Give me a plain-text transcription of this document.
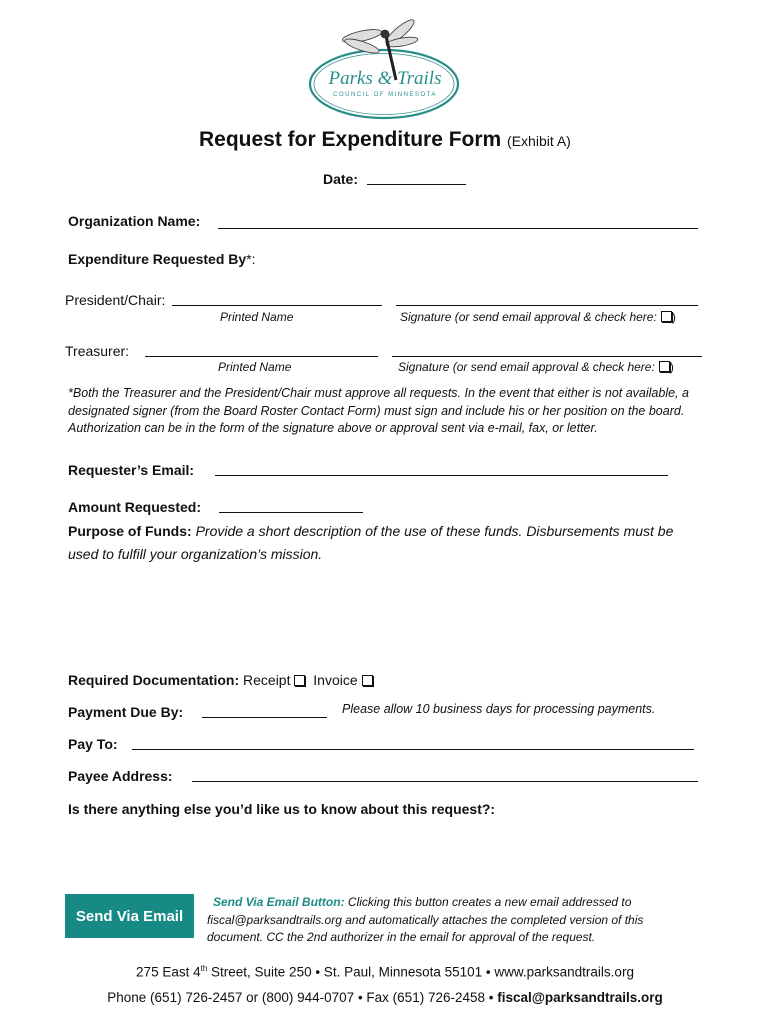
Parks & Trails
COUNCIL OF MINNESOTA
Request for Expenditure Form (Exhibit A)
Date:
Organization Name:
Expenditure Requested By*:
President/Chair:
Printed Name	Signature (or send email approval & check here: )
Treasurer:
Printed Name	Signature (or send email approval & check here: )
*Both the Treasurer and the President/Chair must approve all requests. In the event that either is not available, a designated signer (from the Board Roster Contact Form) must sign and include his or her position on the board. Authorization can be in the form of the signature above or approval sent via e-mail, fax, or letter.
Requester’s Email:
Amount Requested:
Purpose of Funds: Provide a short description of the use of these funds. Disbursements must be used to fulfill your organization’s mission.
Required Documentation: Receipt Invoice
Payment Due By:	Please allow 10 business days for processing payments.
Pay To:
Payee Address:
Is there anything else you’d like us to know about this request?:
Send Via Email
Send Via Email Button: Clicking this button creates a new email addressed to
fiscal@parksandtrails.org and automatically attaches the completed version of this
document. CC the 2nd authorizer in the email for approval of the request.
275 East 4th Street, Suite 250 • St. Paul, Minnesota 55101 • www.parksandtrails.org
Phone (651) 726-2457 or (800) 944-0707 • Fax (651) 726-2458 • fiscal@parksandtrails.org
